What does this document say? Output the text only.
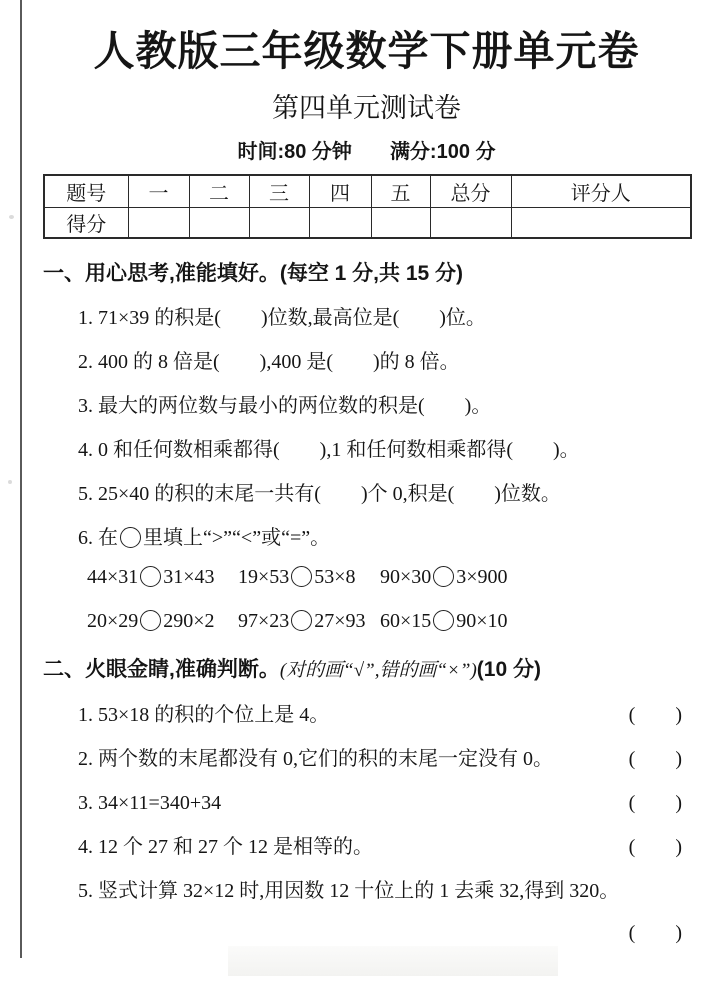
人教版三年级数学下册单元卷
第四单元测试卷
时间:80 分钟 满分:100 分
题号	一	二	三	四	五	总分	评分人
得分							
一、用心思考,准能填好。(每空 1 分,共 15 分)
1. 71×39 的积是(　　)位数,最高位是(　　)位。
2. 400 的 8 倍是(　　),400 是(　　)的 8 倍。
3. 最大的两位数与最小的两位数的积是(　　)。
4. 0 和任何数相乘都得(　　),1 和任何数相乘都得(　　)。
5. 25×40 的积的末尾一共有(　　)个 0,积是(　　)位数。
6. 在 里填上“>”“<”或“=”。
44×31 31×43 19×53 53×8 90×30 3×900
20×29 290×2 97×23 27×93 60×15 90×10
二、火眼金睛,准确判断。(对的画“√”,错的画“×”)(10 分)
1. 53×18 的积的个位上是 4。	(　　)
2. 两个数的末尾都没有 0,它们的积的末尾一定没有 0。	(　　)
3. 34×11=340+34	(　　)
4. 12 个 27 和 27 个 12 是相等的。	(　　)
5. 竖式计算 32×12 时,用因数 12 十位上的 1 去乘 32,得到 320。
(　　)
